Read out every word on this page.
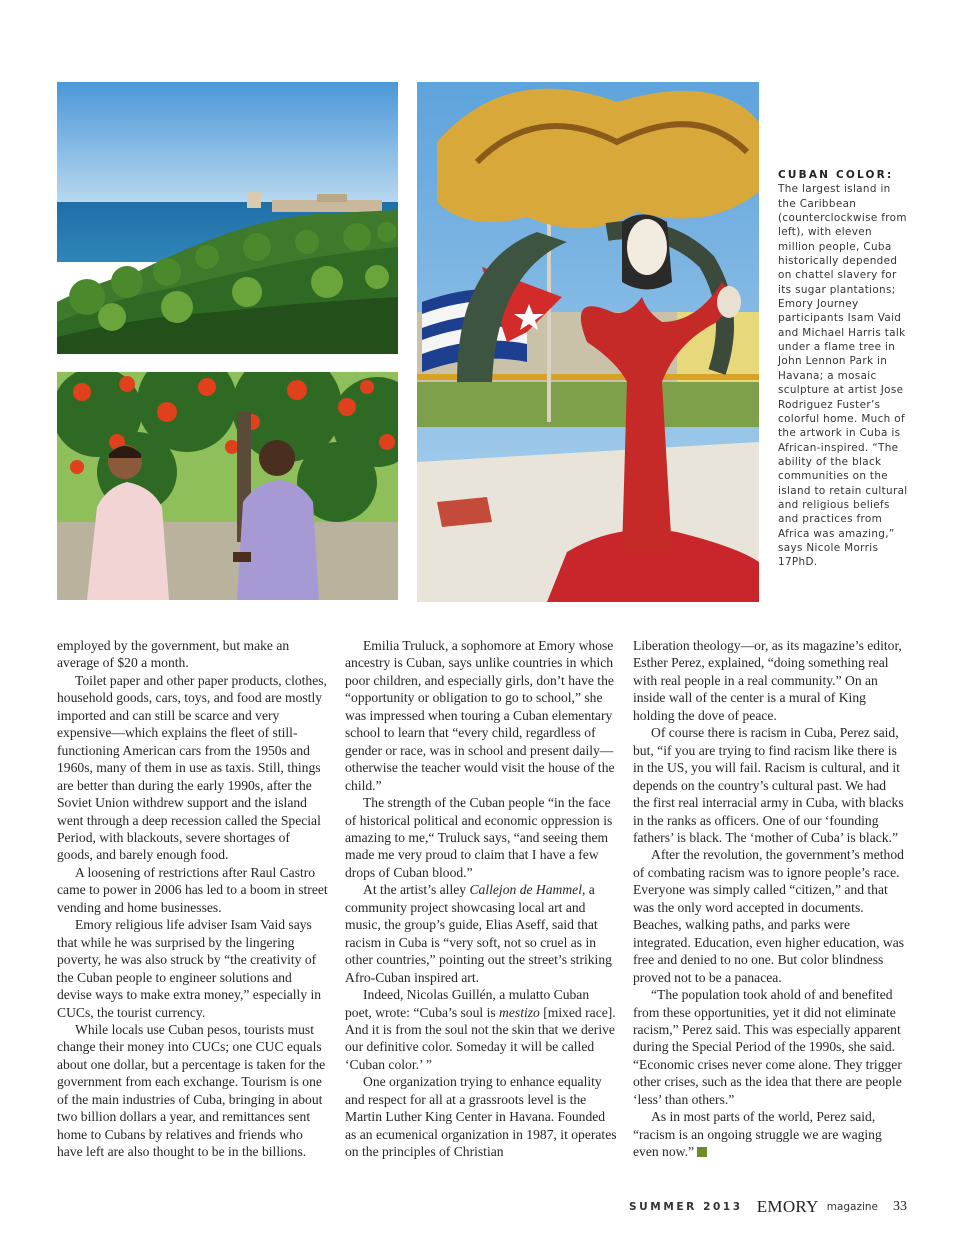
CUBAN COLOR:
The largest island in the Caribbean (counterclockwise from left), with eleven million people, Cuba historically depended on chattel slavery for its sugar plantations; Emory Journey participants Isam Vaid and Michael Harris talk under a flame tree in John Lennon Park in Havana; a mosaic sculpture at artist Jose Rodriguez Fuster’s colorful home. Much of the artwork in Cuba is African-inspired. “The ability of the black communities on the island to retain cultural and religious beliefs and practices from Africa was amazing,” says Nicole Morris 17PhD.

employed by the government, but make an average of $20 a month.

Toilet paper and other paper products, clothes, household goods, cars, toys, and food are mostly imported and can still be scarce and very expensive—which explains the fleet of still-functioning American cars from the 1950s and 1960s, many of them in use as taxis. Still, things are better than during the early 1990s, after the Soviet Union withdrew support and the island went through a deep recession called the Special Period, with blackouts, severe shortages of goods, and barely enough food.

A loosening of restrictions after Raul Castro came to power in 2006 has led to a boom in street vending and home businesses.

Emory religious life adviser Isam Vaid says that while he was surprised by the lingering poverty, he was also struck by “the creativity of the Cuban people to engineer solutions and devise ways to make extra money,” especially in CUCs, the tourist currency.

While locals use Cuban pesos, tourists must change their money into CUCs; one CUC equals about one dollar, but a percentage is taken for the government from each exchange. Tourism is one of the main industries of Cuba, bringing in about two billion dollars a year, and remittances sent home to Cubans by relatives and friends who have left are also thought to be in the billions.

Emilia Truluck, a sophomore at Emory whose ancestry is Cuban, says unlike countries in which poor children, and especially girls, don’t have the “opportunity or obligation to go to school,” she was impressed when touring a Cuban elementary school to learn that “every child, regardless of gender or race, was in school and present daily—otherwise the teacher would visit the house of the child.”

The strength of the Cuban people “in the face of historical political and economic oppression is amazing to me,“ Truluck says, “and seeing them made me very proud to claim that I have a few drops of Cuban blood.”

At the artist’s alley Callejon de Hammel, a community project showcasing local art and music, the group’s guide, Elias Aseff, said that racism in Cuba is “very soft, not so cruel as in other countries,” pointing out the street’s striking Afro-Cuban inspired art.

Indeed, Nicolas Guillén, a mulatto Cuban poet, wrote: “Cuba’s soul is mestizo [mixed race]. And it is from the soul not the skin that we derive our definitive color. Someday it will be called ‘Cuban color.’ ”

One organization trying to enhance equality and respect for all at a grassroots level is the Martin Luther King Center in Havana. Founded as an ecumenical organization in 1987, it operates on the principles of Christian

Liberation theology—or, as its magazine’s editor, Esther Perez, explained, “doing something real with real people in a real community.” On an inside wall of the center is a mural of King holding the dove of peace.

Of course there is racism in Cuba, Perez said, but, “if you are trying to find racism like there is in the US, you will fail. Racism is cultural, and it depends on the country’s cultural past. We had the first real interracial army in Cuba, with blacks in the ranks as officers. One of our ‘founding fathers’ is black. The ‘mother of Cuba’ is black.”

After the revolution, the government’s method of combating racism was to ignore people’s race. Everyone was simply called “citizen,” and that was the only word accepted in documents. Beaches, walking paths, and parks were integrated. Education, even higher education, was free and denied to no one. But color blindness proved not to be a panacea.

“The population took ahold of and benefited from these opportunities, yet it did not eliminate racism,” Perez said. This was especially apparent during the Special Period of the 1990s, she said. “Economic crises never come alone. They trigger other crises, such as the idea that there are people ‘less’ than others.”

As in most parts of the world, Perez said, “racism is an ongoing struggle we are waging even now.”

SUMMER 2013 EMORY magazine 33
